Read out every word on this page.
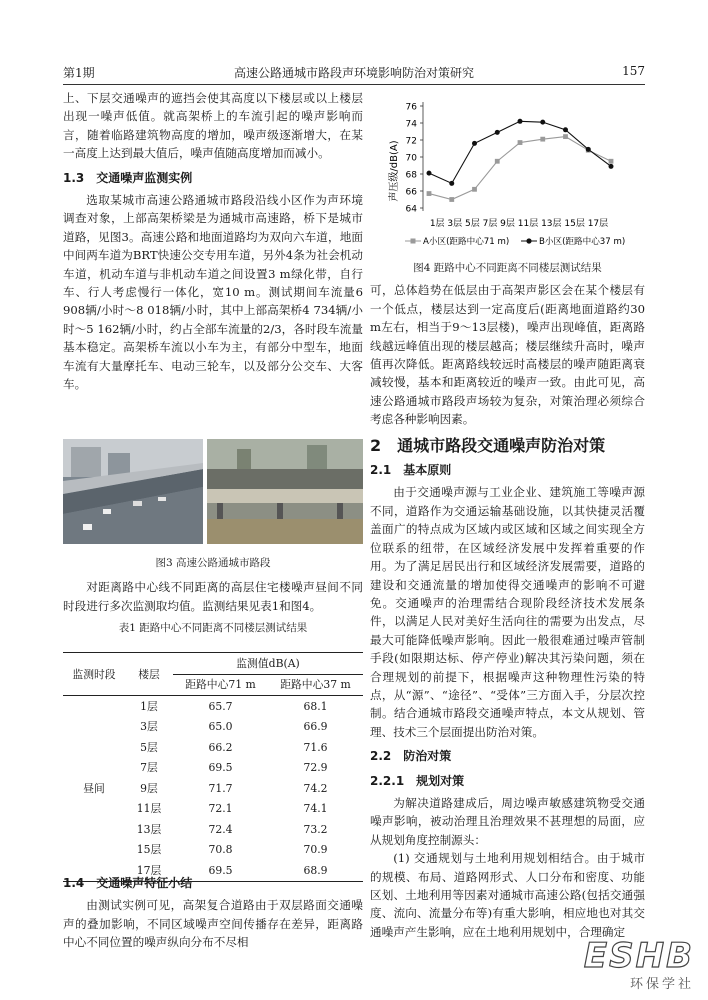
第1期	高速公路通城市路段声环境影响防治对策研究	157

上、下层交通噪声的遮挡会使其高度以下楼层或以上楼层出现一噪声低值。就高架桥上的车流引起的噪声影响而言，随着临路建筑物高度的增加，噪声级逐渐增大，在某一高度上达到最大值后，噪声值随高度增加而减小。

1.3　交通噪声监测实例

选取某城市高速公路通城市路段沿线小区作为声环境调查对象，上部高架桥梁是为通城市高速路，桥下是城市道路，见图3。高速公路和地面道路均为双向六车道，地面中间两车道为BRT快速公交专用车道，另外4条为社会机动车道，机动车道与非机动车道之间设置3 m绿化带，自行车、行人考虑慢行一体化，宽10 m。测试期间车流量6 908辆/小时～8 018辆/小时，其中上部高架桥4 734辆/小时～5 162辆/小时，约占全部车流量的2/3，各时段车流量基本稳定。高架桥车流以小车为主，有部分中型车，地面车流有大量摩托车、电动三轮车，以及部分公交车、大客车。

图3 高速公路通城市路段

对距离路中心线不同距离的高层住宅楼噪声昼间不同时段进行多次监测取均值。监测结果见表1和图4。

表1 距路中心不同距离不同楼层测试结果
监测时段	楼层	监测值dB(A)	
		距路中心71 m	距路中心37 m
昼间	1层	65.7	68.1
	3层	65.0	66.9
	5层	66.2	71.6
	7层	69.5	72.9
	9层	71.7	74.2
	11层	72.1	74.1
	13层	72.4	73.2
	15层	70.8	70.9
	17层	69.5	68.9
1.4　交通噪声特征小结

由测试实例可见，高架复合道路由于双层路面交通噪声的叠加影响，不同区域噪声空间传播存在差异，距离路中心不同位置的噪声纵向分布不尽相

声压级/dB(A)
64
66
68
70
72
74
76
1层 3层 5层 7层 9层 11层 13层 15层 17层
A小区(距路中心71 m)	B小区(距路中心37 m)
图4 距路中心不同距离不同楼层测试结果

可，总体趋势在低层由于高架声影区会在某个楼层有一个低点，楼层达到一定高度后(距离地面道路约30 m左右，相当于9～13层楼)，噪声出现峰值，距离路线越远峰值出现的楼层越高；楼层继续升高时，噪声值再次降低。距离路线较远时高楼层的噪声随距离衰减较慢，基本和距离较近的噪声一致。由此可见，高速公路通城市路段声场较为复杂，对策治理必须综合考虑各种影响因素。

2　通城市路段交通噪声防治对策
2.1　基本原则

由于交通噪声源与工业企业、建筑施工等噪声源不同，道路作为交通运输基础设施，以其快捷灵活覆盖面广的特点成为区域内或区域和区域之间实现全方位联系的纽带，在区域经济发展中发挥着重要的作用。为了满足居民出行和区域经济发展需要，道路的建设和交通流量的增加使得交通噪声的影响不可避免。交通噪声的治理需结合现阶段经济技术发展条件，以满足人民对美好生活向往的需要为出发点，尽最大可能降低噪声影响。因此一般很难通过噪声管制手段(如限期达标、停产停业)解决其污染问题，须在合理规划的前提下，根据噪声这种物理性污染的特点，从“源”、“途径”、“受体”三方面入手，分层次控制。结合通城市路段交通噪声特点，本文从规划、管理、技术三个层面提出防治对策。

2.2　防治对策
2.2.1　规划对策

为解决道路建成后，周边噪声敏感建筑物受交通噪声影响，被动治理且治理效果不甚理想的局面，应从规划角度控制源头：

(1) 交通规划与土地利用规划相结合。由于城市的规模、布局、道路网形式、人口分布和密度、功能区划、土地利用等因素对通城市高速公路(包括交通强度、流向、流量分布等)有重大影响，相应地也对其交通噪声产生影响，应在土地利用规划中，合理确定

ESHB
环保学社
